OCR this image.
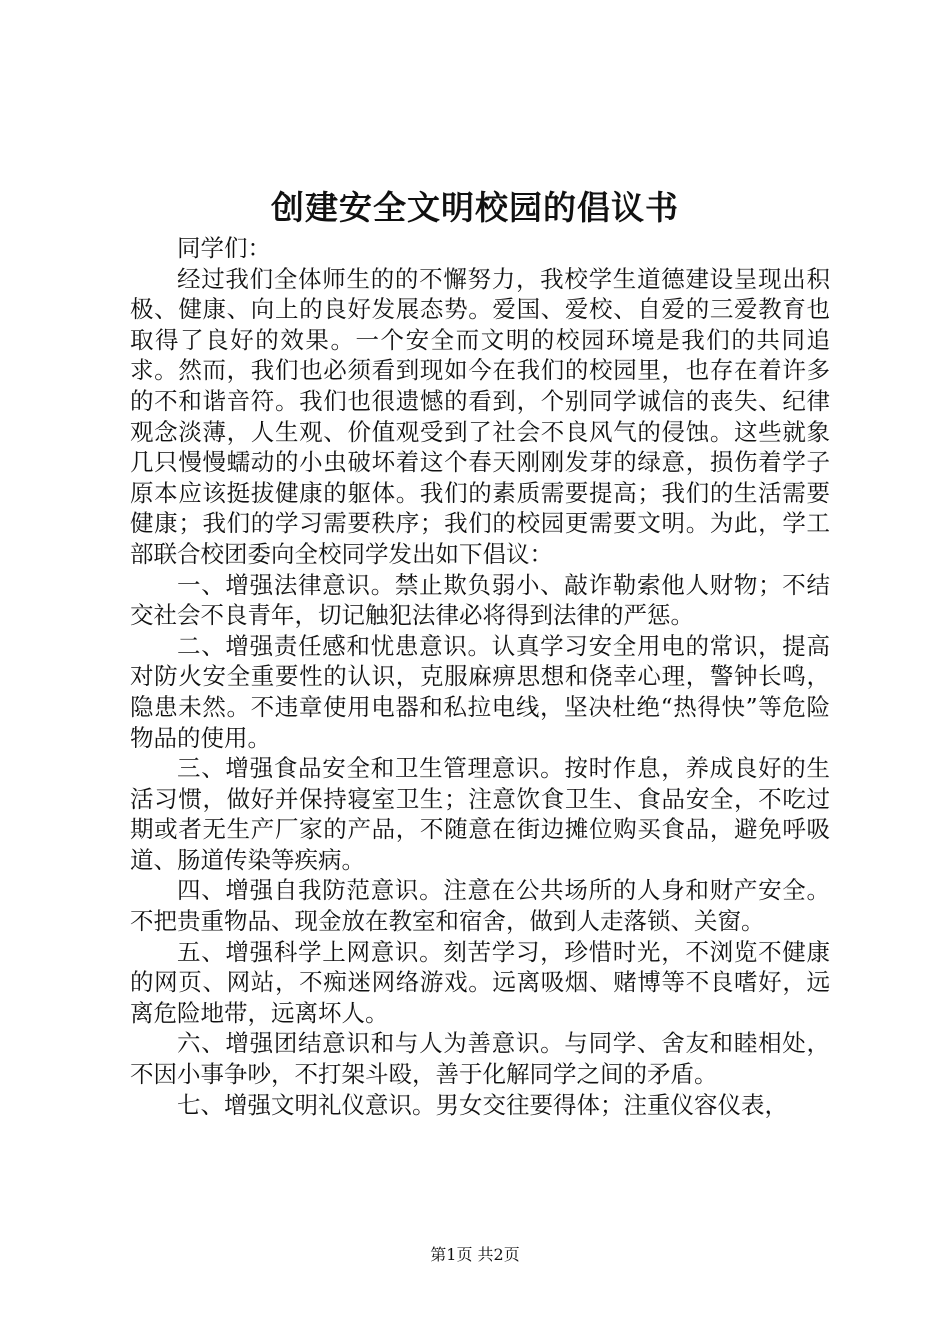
创建安全文明校园的倡议书

同学们：

经过我们全体师生的的不懈努力，我校学生道德建设呈现出积极、健康、向上的良好发展态势。爱国、爱校、自爱的三爱教育也取得了良好的效果。一个安全而文明的校园环境是我们的共同追求。然而，我们也必须看到现如今在我们的校园里，也存在着许多的不和谐音符。我们也很遗憾的看到，个别同学诚信的丧失、纪律观念淡薄，人生观、价值观受到了社会不良风气的侵蚀。这些就象几只慢慢蠕动的小虫破坏着这个春天刚刚发芽的绿意，损伤着学子原本应该挺拔健康的躯体。我们的素质需要提高；我们的生活需要健康；我们的学习需要秩序；我们的校园更需要文明。为此，学工部联合校团委向全校同学发出如下倡议：

一、增强法律意识。禁止欺负弱小、敲诈勒索他人财物；不结交社会不良青年，切记触犯法律必将得到法律的严惩。

二、增强责任感和忧患意识。认真学习安全用电的常识，提高对防火安全重要性的认识，克服麻痹思想和侥幸心理，警钟长鸣，隐患未然。不违章使用电器和私拉电线，坚决杜绝“热得快”等危险物品的使用。

三、增强食品安全和卫生管理意识。按时作息，养成良好的生活习惯，做好并保持寝室卫生；注意饮食卫生、食品安全，不吃过期或者无生产厂家的产品，不随意在街边摊位购买食品，避免呼吸道、肠道传染等疾病。

四、增强自我防范意识。注意在公共场所的人身和财产安全。不把贵重物品、现金放在教室和宿舍，做到人走落锁、关窗。

五、增强科学上网意识。刻苦学习，珍惜时光，不浏览不健康的网页、网站，不痴迷网络游戏。远离吸烟、赌博等不良嗜好，远离危险地带，远离坏人。

六、增强团结意识和与人为善意识。与同学、舍友和睦相处，不因小事争吵，不打架斗殴，善于化解同学之间的矛盾。

七、增强文明礼仪意识。男女交往要得体；注重仪容仪表，

第1页 共2页
